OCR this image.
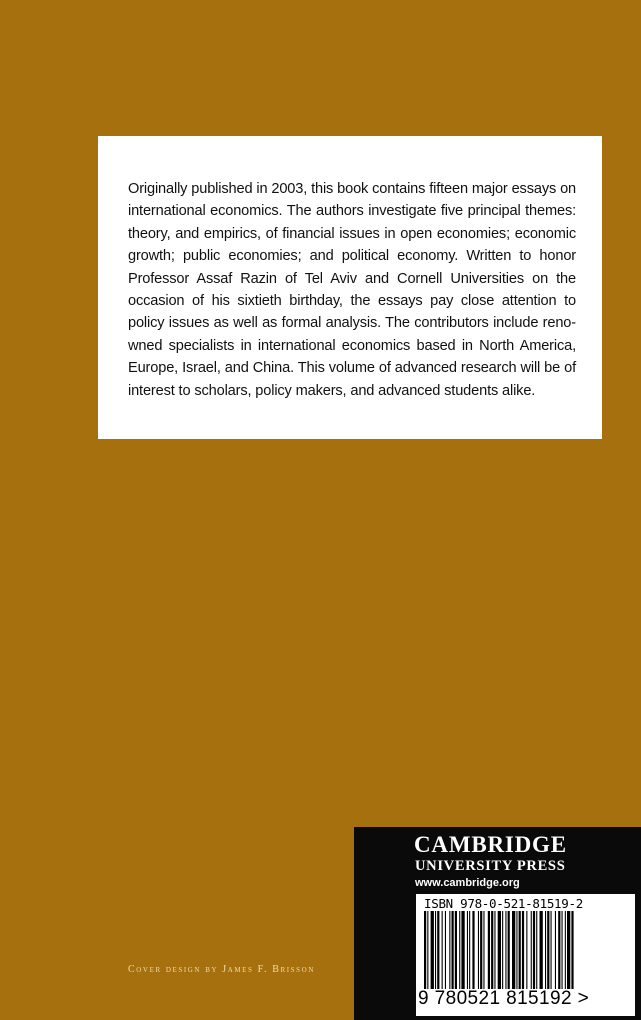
Originally published in 2003, this book contains fifteen major essays on international economics. The authors investigate five principal themes: theory, and empirics, of financial issues in open economies; economic growth; public economies; and political economy. Written to honor Professor Assaf Razin of Tel Aviv and Cornell Universities on the occasion of his sixtieth birthday, the essays pay close attention to policy issues as well as formal analysis. The contributors include reno-wned specialists in international economics based in North America, Europe, Israel, and China. This volume of advanced research will be of interest to scholars, policy makers, and advanced students alike.

Cover design by James F. Brisson
CAMBRIDGE
UNIVERSITY PRESS
www.cambridge.org
ISBN 978-0-521-81519-2
9 780521 815192 >
